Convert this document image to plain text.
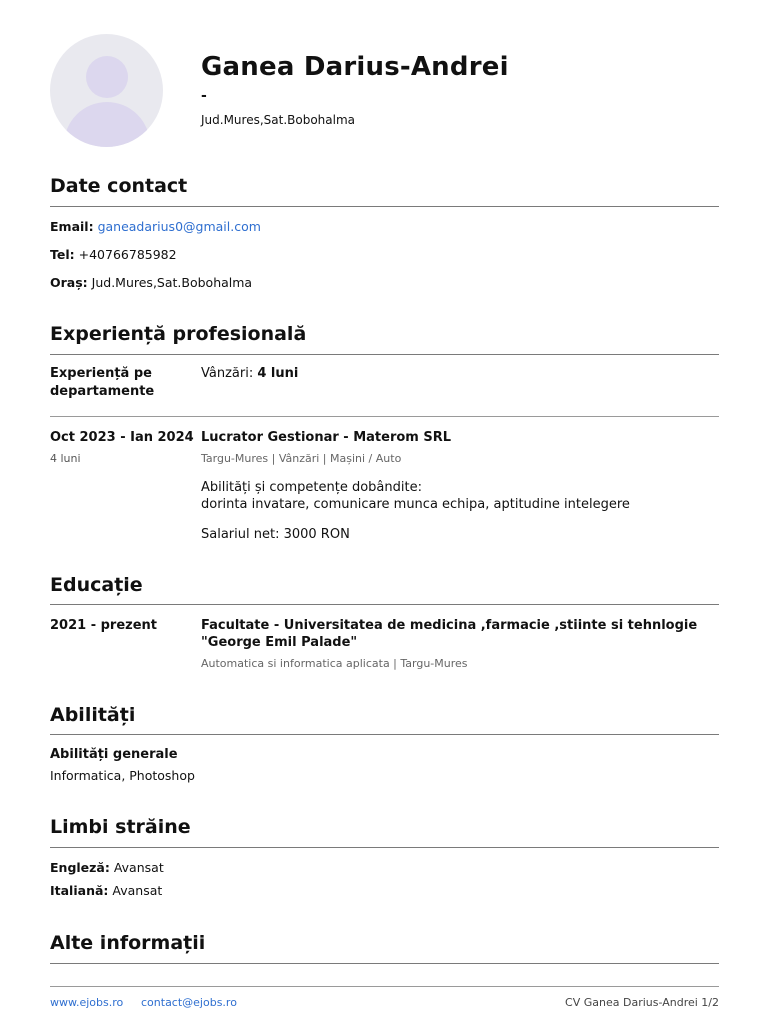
Ganea Darius-Andrei
-
Jud.Mures,Sat.Bobohalma
Date contact
Email: ganeadarius0@gmail.com
Tel: +40766785982
Oraș: Jud.Mures,Sat.Bobohalma
Experiență profesională
Experiență pe departamente
Vânzări: 4 luni
Oct 2023 - Ian 2024
4 luni
Lucrator Gestionar - Materom SRL
Targu-Mures | Vânzări | Mașini / Auto
Abilități și competențe dobândite:
dorinta invatare, comunicare munca echipa, aptitudine intelegere
Salariul net: 3000 RON
Educație
2021 - prezent	Facultate - Universitatea de medicina ,farmacie ,stiinte si tehnlogie
"George Emil Palade"
Automatica si informatica aplicata | Targu-Mures
Abilități
Abilități generale
Informatica, Photoshop
Limbi străine
Engleză: Avansat
Italiană: Avansat
Alte informații
www.ejobs.ro contact@ejobs.ro	CV Ganea Darius-Andrei 1/2
